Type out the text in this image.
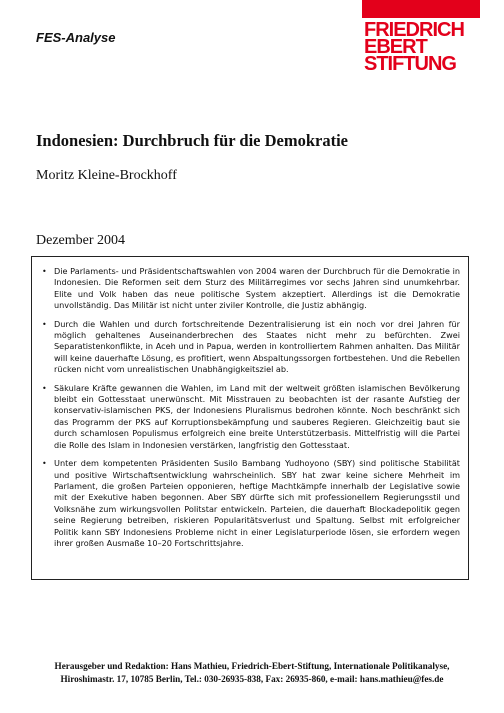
FES-Analyse	FRIEDRICH
EBERT
STIFTUNG
Indonesien: Durchbruch für die Demokratie
Moritz Kleine-Brockhoff
Dezember 2004
• Die Parlaments- und Präsidentschaftswahlen von 2004 waren der Durchbruch für die Demokratie in Indonesien. Die Reformen seit dem Sturz des Militärregimes vor sechs Jahren sind unumkehrbar. Elite und Volk haben das neue politische System akzeptiert. Allerdings ist die Demokratie unvollständig. Das Militär ist nicht unter ziviler Kontrolle, die Justiz abhängig.
• Durch die Wahlen und durch fortschreitende Dezentralisierung ist ein noch vor drei Jahren für möglich gehaltenes Auseinanderbrechen des Staates nicht mehr zu befürchten. Zwei Separatistenkonflikte, in Aceh und in Papua, werden in kontrolliertem Rahmen anhalten. Das Militär will keine dauerhafte Lösung, es profitiert, wenn Abspaltungssorgen fortbestehen. Und die Rebellen rücken nicht vom unrealistischen Unabhängigkeitsziel ab.
• Säkulare Kräfte gewannen die Wahlen, im Land mit der weltweit größten islamischen Bevölkerung bleibt ein Gottesstaat unerwünscht. Mit Misstrauen zu beobachten ist der rasante Aufstieg der konservativ-islamischen PKS, der Indonesiens Pluralismus bedrohen könnte. Noch beschränkt sich das Programm der PKS auf Korruptionsbekämpfung und sauberes Regieren. Gleichzeitig baut sie durch schamlosen Populismus erfolgreich eine breite Unterstützerbasis. Mittelfristig will die Partei die Rolle des Islam in Indonesien verstärken, langfristig den Gottesstaat.
• Unter dem kompetenten Präsidenten Susilo Bambang Yudhoyono (SBY) sind politische Stabilität und positive Wirtschaftsentwicklung wahrscheinlich. SBY hat zwar keine sichere Mehrheit im Parlament, die großen Parteien opponieren, heftige Machtkämpfe innerhalb der Legislative sowie mit der Exekutive haben begonnen. Aber SBY dürfte sich mit professionellem Regierungsstil und Volksnähe zum wirkungsvollen Politstar entwickeln. Parteien, die dauerhaft Blockadepolitik gegen seine Regierung betreiben, riskieren Popularitätsverlust und Spaltung. Selbst mit erfolgreicher Politik kann SBY Indonesiens Probleme nicht in einer Legislaturperiode lösen, sie erfordern wegen ihrer großen Ausmaße 10–20 Fortschrittsjahre.
Herausgeber und Redaktion: Hans Mathieu, Friedrich-Ebert-Stiftung, Internationale Politikanalyse,
Hiroshimastr. 17, 10785 Berlin, Tel.: 030-26935-838, Fax: 26935-860, e-mail: hans.mathieu@fes.de
